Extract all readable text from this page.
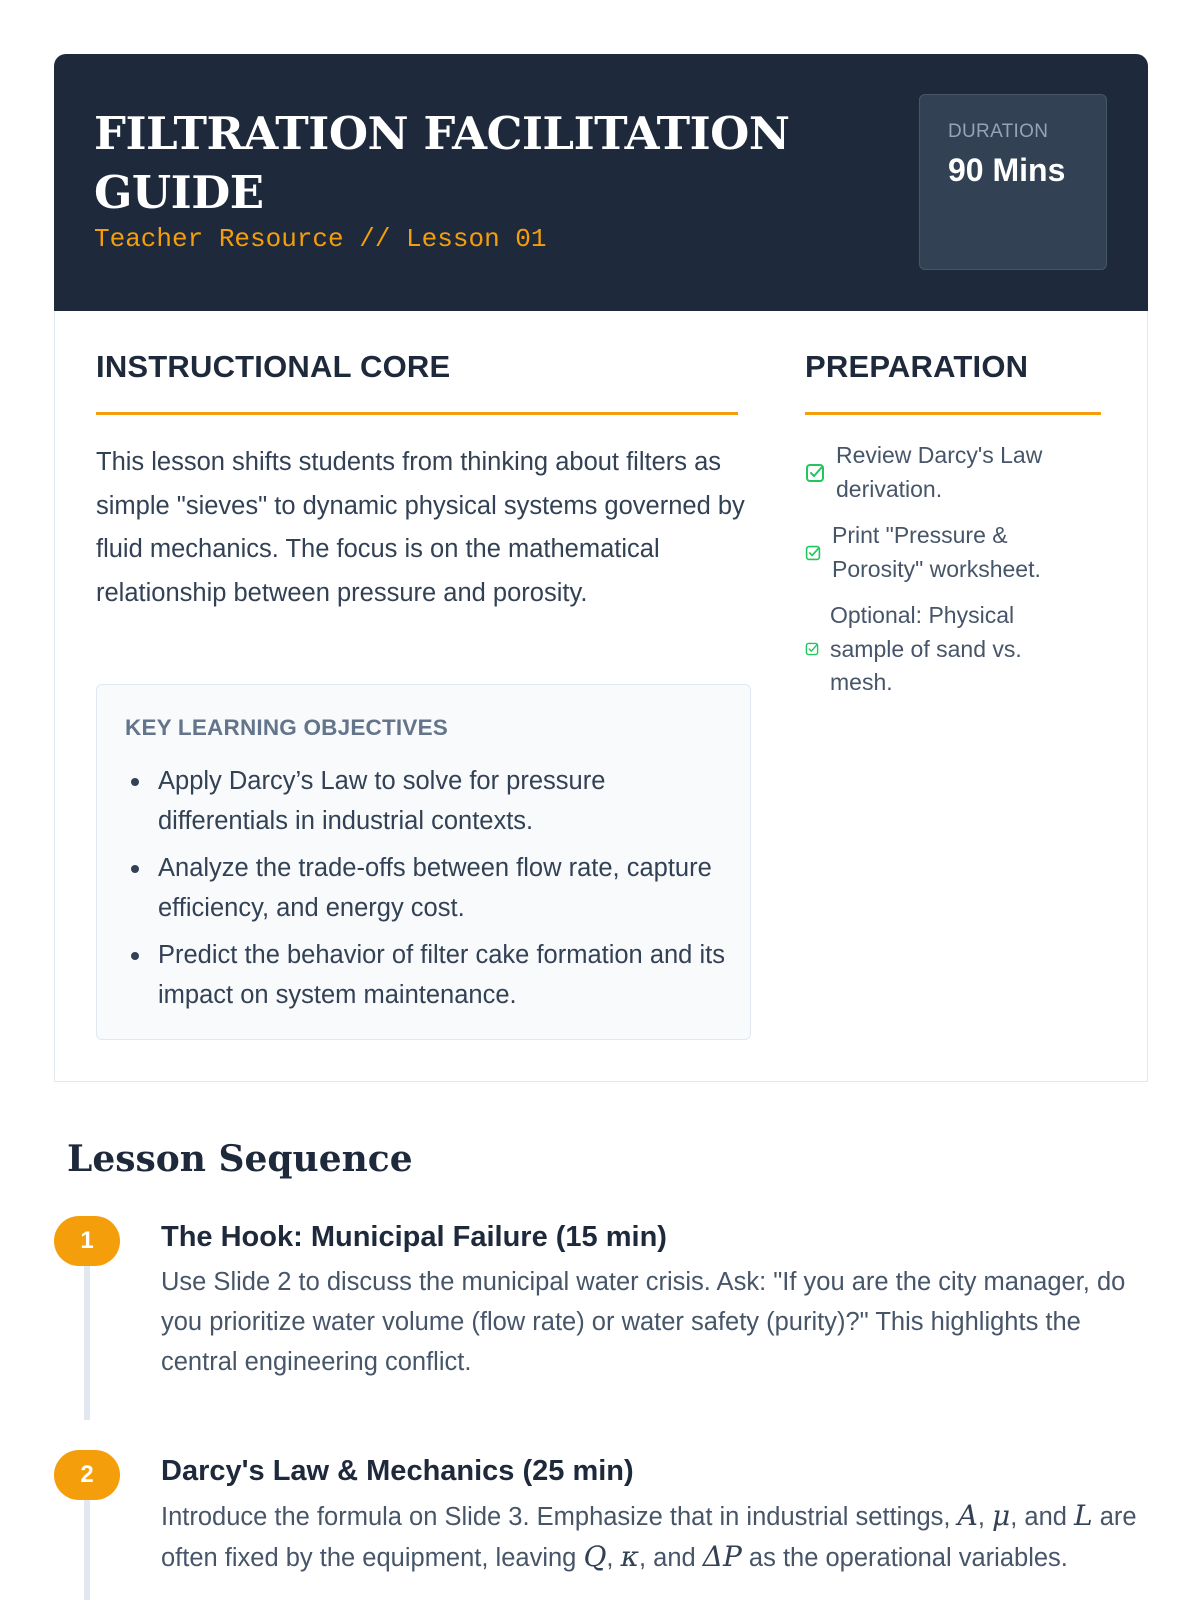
FILTRATION FACILITATION GUIDE
Teacher Resource // Lesson 01
DURATION
90 Mins
INSTRUCTIONAL CORE
This lesson shifts students from thinking about filters as simple "sieves" to dynamic physical systems governed by fluid mechanics. The focus is on the mathematical relationship between pressure and porosity.
KEY LEARNING OBJECTIVES
Apply Darcy’s Law to solve for pressure differentials in industrial contexts.
Analyze the trade-offs between flow rate, capture efficiency, and energy cost.
Predict the behavior of filter cake formation and its impact on system maintenance.
PREPARATION
Review Darcy's Law derivation.
Print "Pressure & Porosity" worksheet.
Optional: Physical sample of sand vs. mesh.
Lesson Sequence
1	The Hook: Municipal Failure (15 min)
Use Slide 2 to discuss the municipal water crisis. Ask: "If you are the city manager, do you prioritize water volume (flow rate) or water safety (purity)?" This highlights the central engineering conflict.
2	Darcy's Law & Mechanics (25 min)
Introduce the formula on Slide 3. Emphasize that in industrial settings, A, μ, and L are often fixed by the equipment, leaving Q, κ, and ΔP as the operational variables.
